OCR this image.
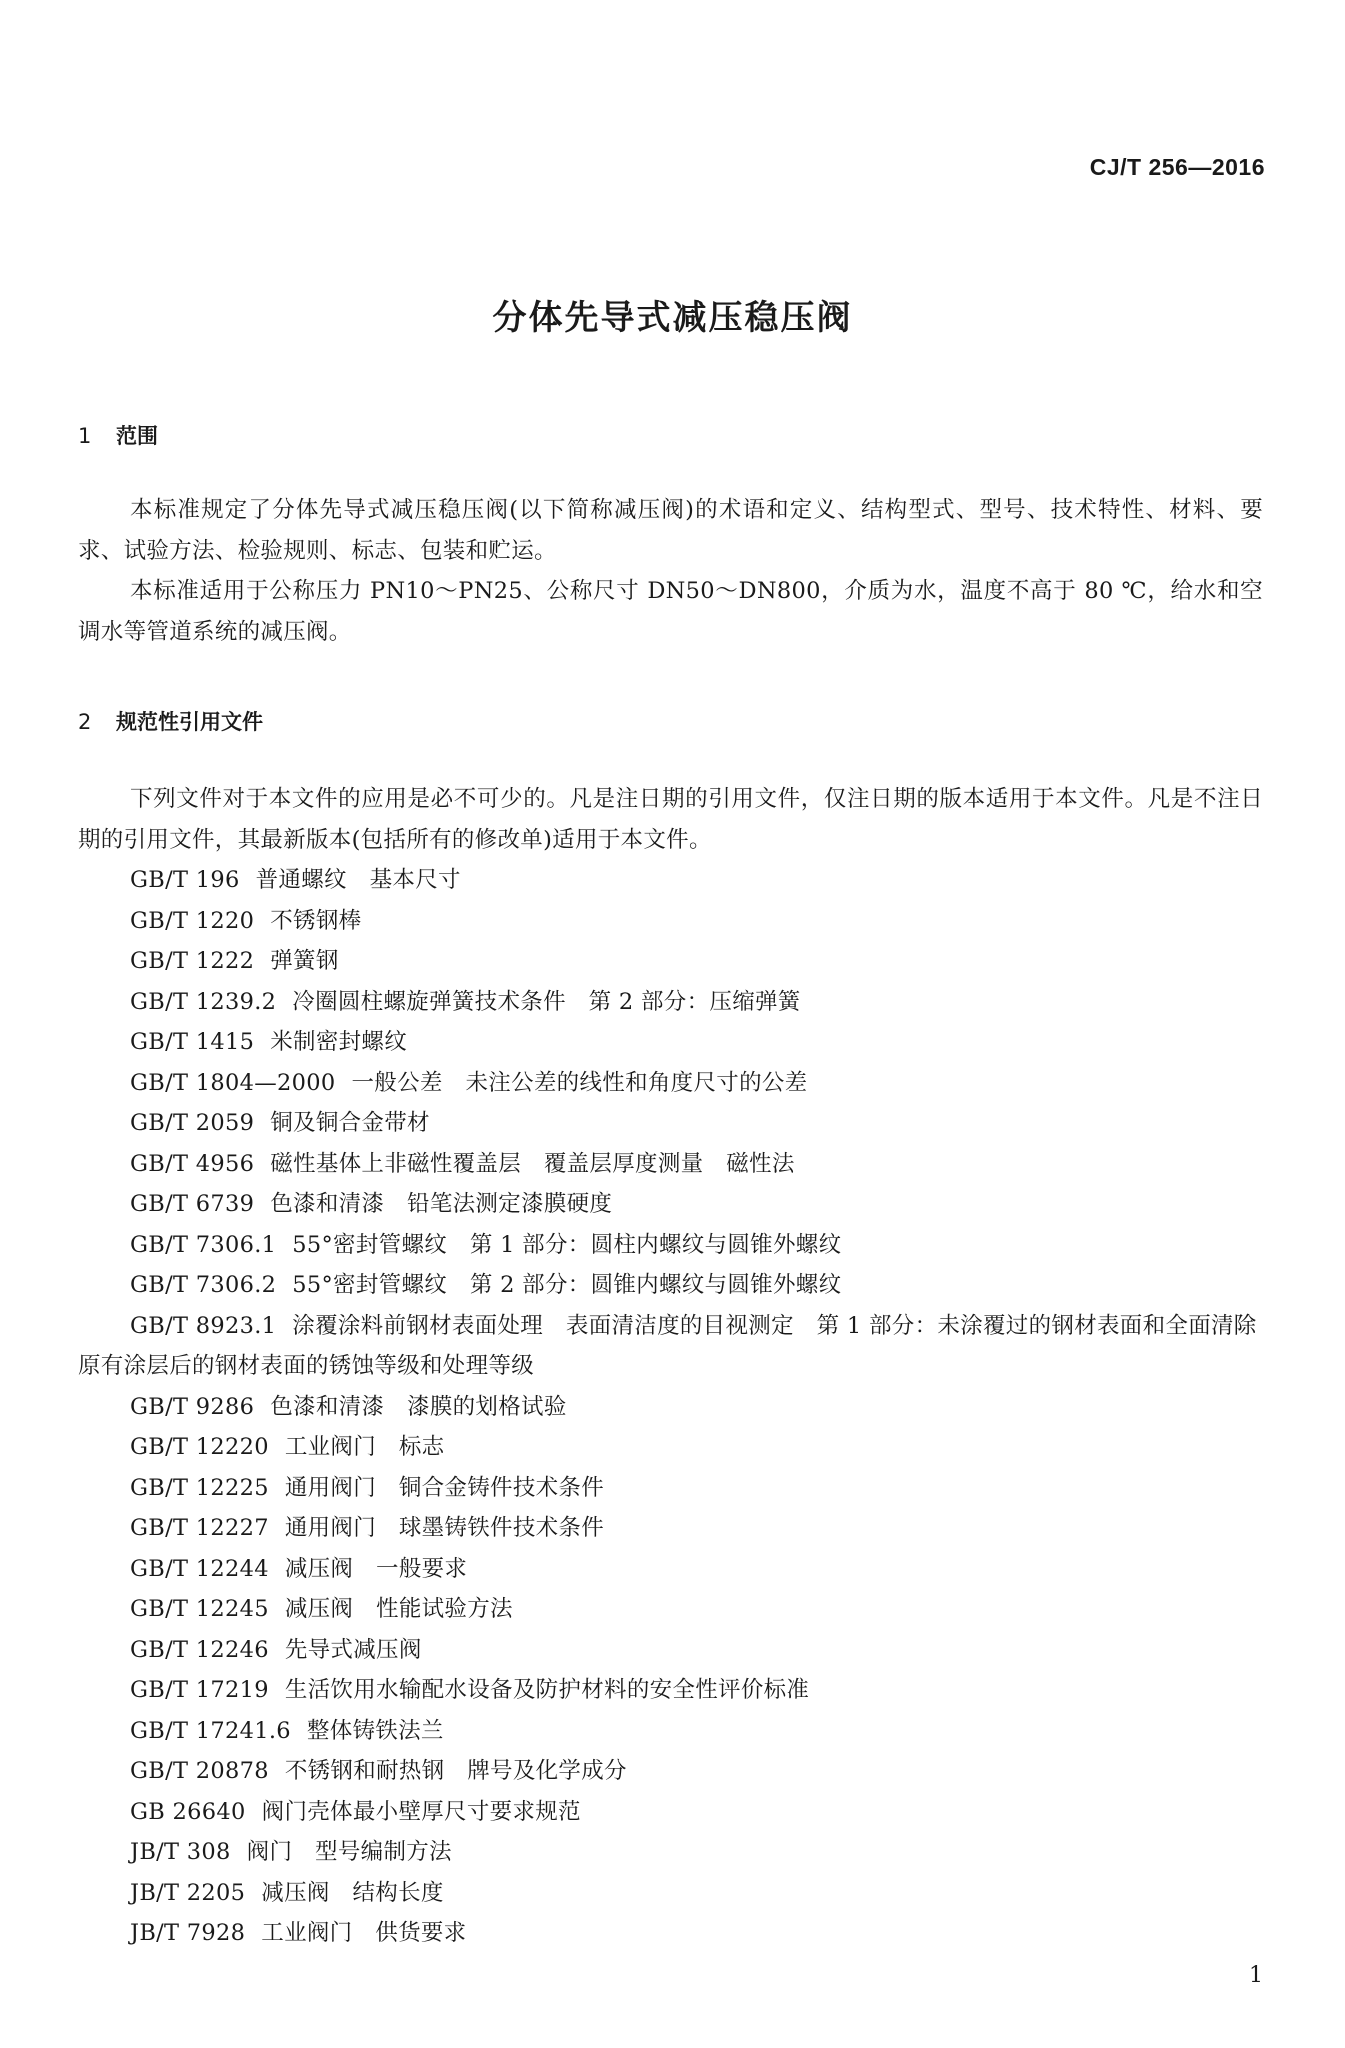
CJ/T 256—2016
分体先导式减压稳压阀
1 范围
本标准规定了分体先导式减压稳压阀(以下简称减压阀)的术语和定义、结构型式、型号、技术特性、材料、要求、试验方法、检验规则、标志、包装和贮运。
本标准适用于公称压力 PN10～PN25、公称尺寸 DN50～DN800，介质为水，温度不高于 80 ℃，给水和空调水等管道系统的减压阀。
2 规范性引用文件
下列文件对于本文件的应用是必不可少的。凡是注日期的引用文件，仅注日期的版本适用于本文件。凡是不注日期的引用文件，其最新版本(包括所有的修改单)适用于本文件。
GB/T 196 普通螺纹　基本尺寸
GB/T 1220 不锈钢棒
GB/T 1222 弹簧钢
GB/T 1239.2 冷圈圆柱螺旋弹簧技术条件　第 2 部分：压缩弹簧
GB/T 1415 米制密封螺纹
GB/T 1804—2000 一般公差　未注公差的线性和角度尺寸的公差
GB/T 2059 铜及铜合金带材
GB/T 4956 磁性基体上非磁性覆盖层　覆盖层厚度测量　磁性法
GB/T 6739 色漆和清漆　铅笔法测定漆膜硬度
GB/T 7306.1 55°密封管螺纹　第 1 部分：圆柱内螺纹与圆锥外螺纹
GB/T 7306.2 55°密封管螺纹　第 2 部分：圆锥内螺纹与圆锥外螺纹
GB/T 8923.1 涂覆涂料前钢材表面处理　表面清洁度的目视测定　第 1 部分：未涂覆过的钢材表面和全面清除原有涂层后的钢材表面的锈蚀等级和处理等级
GB/T 9286 色漆和清漆　漆膜的划格试验
GB/T 12220 工业阀门　标志
GB/T 12225 通用阀门　铜合金铸件技术条件
GB/T 12227 通用阀门　球墨铸铁件技术条件
GB/T 12244 减压阀　一般要求
GB/T 12245 减压阀　性能试验方法
GB/T 12246 先导式减压阀
GB/T 17219 生活饮用水输配水设备及防护材料的安全性评价标准
GB/T 17241.6 整体铸铁法兰
GB/T 20878 不锈钢和耐热钢　牌号及化学成分
GB 26640 阀门壳体最小壁厚尺寸要求规范
JB/T 308 阀门　型号编制方法
JB/T 2205 减压阀　结构长度
JB/T 7928 工业阀门　供货要求
1
